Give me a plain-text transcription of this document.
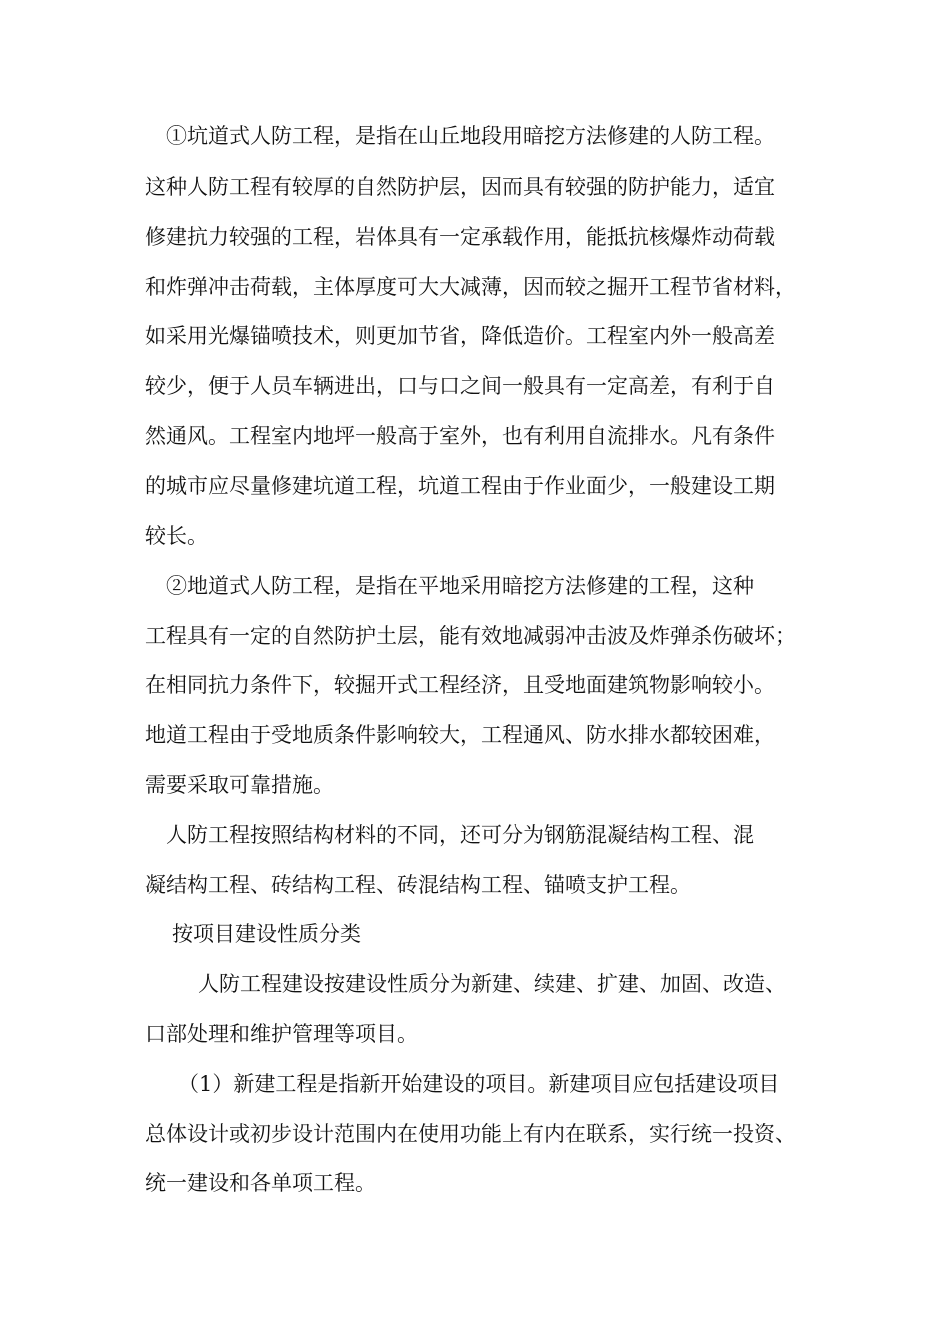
①坑道式人防工程，是指在山丘地段用暗挖方法修建的人防工程。
这种人防工程有较厚的自然防护层，因而具有较强的防护能力，适宜
修建抗力较强的工程，岩体具有一定承载作用，能抵抗核爆炸动荷载
和炸弹冲击荷载，主体厚度可大大减薄，因而较之掘开工程节省材料，
如采用光爆锚喷技术，则更加节省，降低造价。工程室内外一般高差
较少，便于人员车辆进出，口与口之间一般具有一定高差，有利于自
然通风。工程室内地坪一般高于室外，也有利用自流排水。凡有条件
的城市应尽量修建坑道工程，坑道工程由于作业面少，一般建设工期
较长。
②地道式人防工程，是指在平地采用暗挖方法修建的工程，这种
工程具有一定的自然防护土层，能有效地减弱冲击波及炸弹杀伤破坏；
在相同抗力条件下，较掘开式工程经济，且受地面建筑物影响较小。
地道工程由于受地质条件影响较大，工程通风、防水排水都较困难，
需要采取可靠措施。
人防工程按照结构材料的不同，还可分为钢筋混凝结构工程、混
凝结构工程、砖结构工程、砖混结构工程、锚喷支护工程。
按项目建设性质分类
人防工程建设按建设性质分为新建、续建、扩建、加固、改造、
口部处理和维护管理等项目。
（1）新建工程是指新开始建设的项目。新建项目应包括建设项目
总体设计或初步设计范围内在使用功能上有内在联系，实行统一投资、
统一建设和各单项工程。
